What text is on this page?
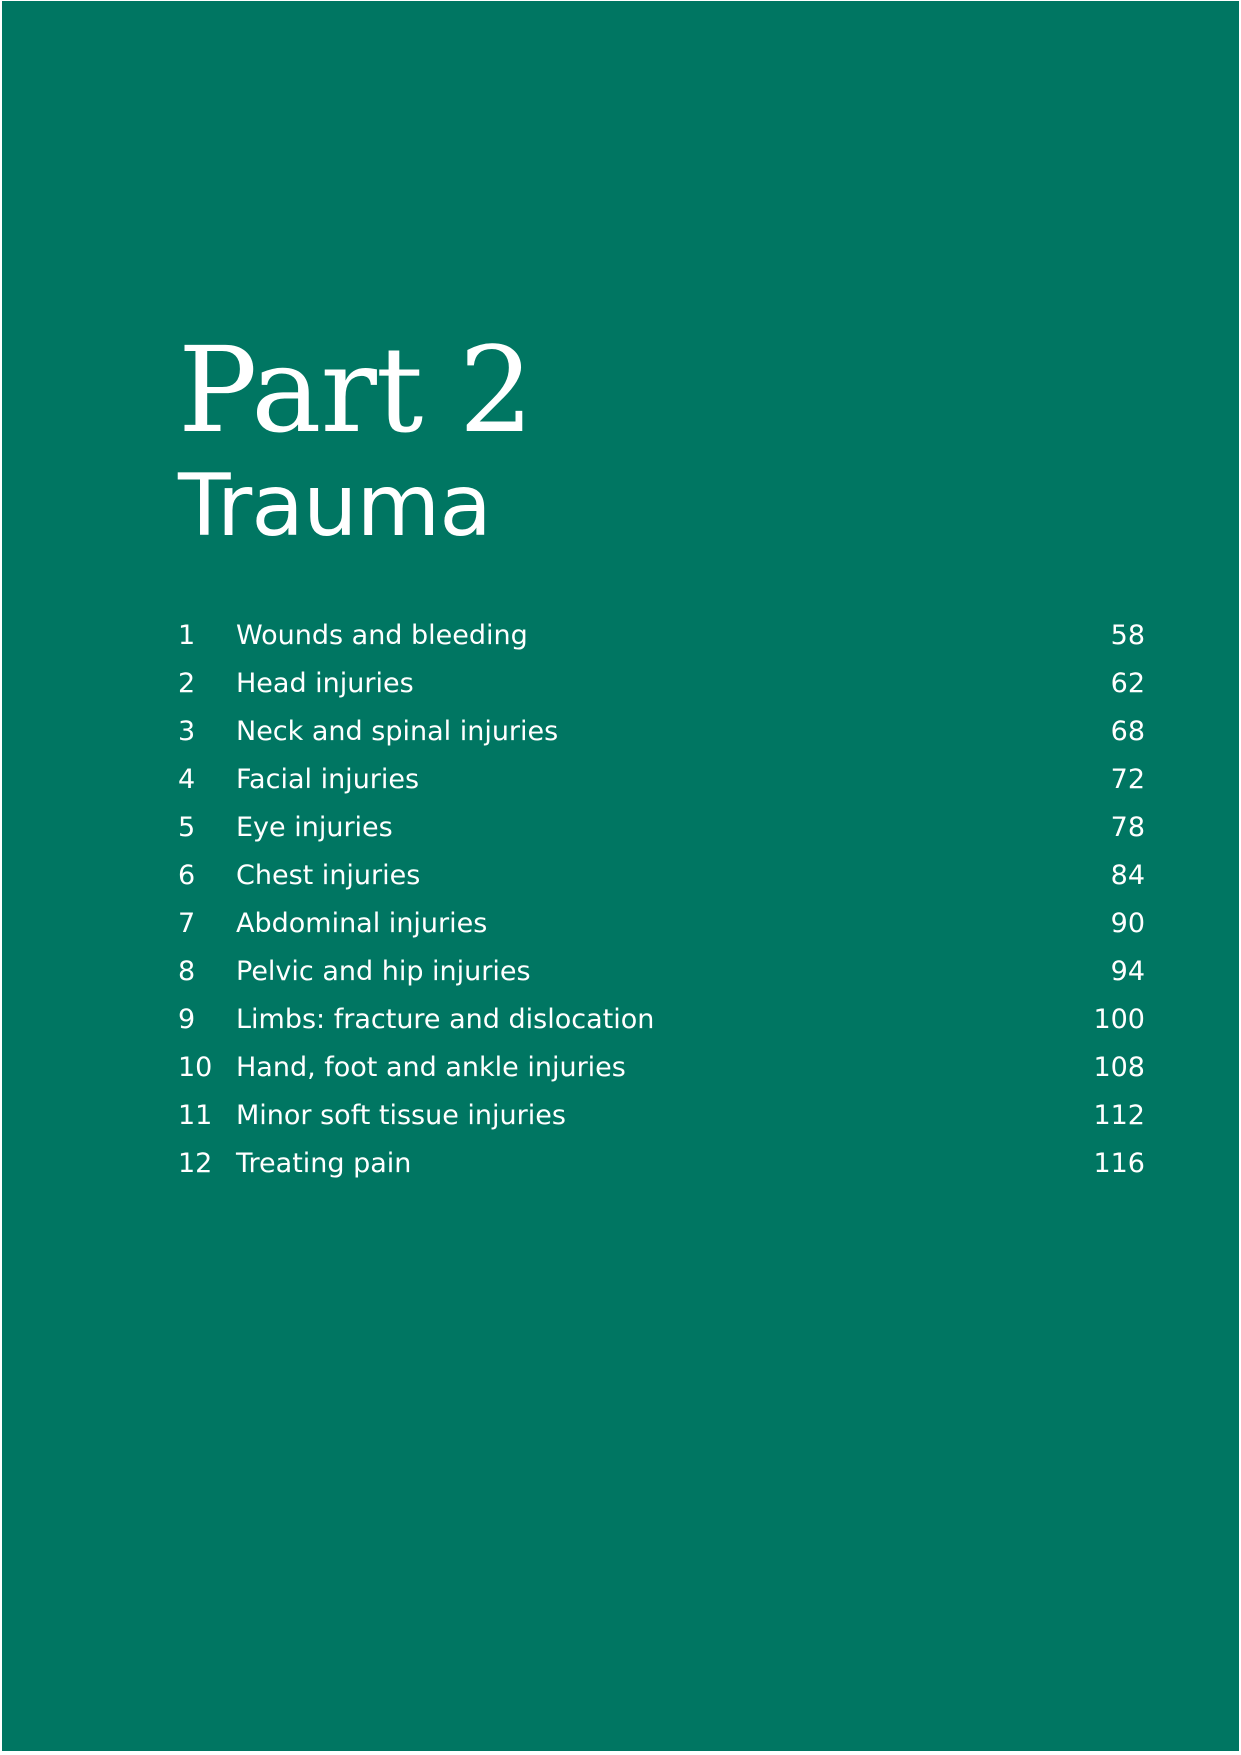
Part 2
Trauma
1 Wounds and bleeding	58
2 Head injuries	62
3 Neck and spinal injuries	68
4 Facial injuries	72
5 Eye injuries	78
6 Chest injuries	84
7 Abdominal injuries	90
8 Pelvic and hip injuries	94
9 Limbs: fracture and dislocation	100
10 Hand, foot and ankle injuries	108
11 Minor soft tissue injuries	112
12 Treating pain	116
